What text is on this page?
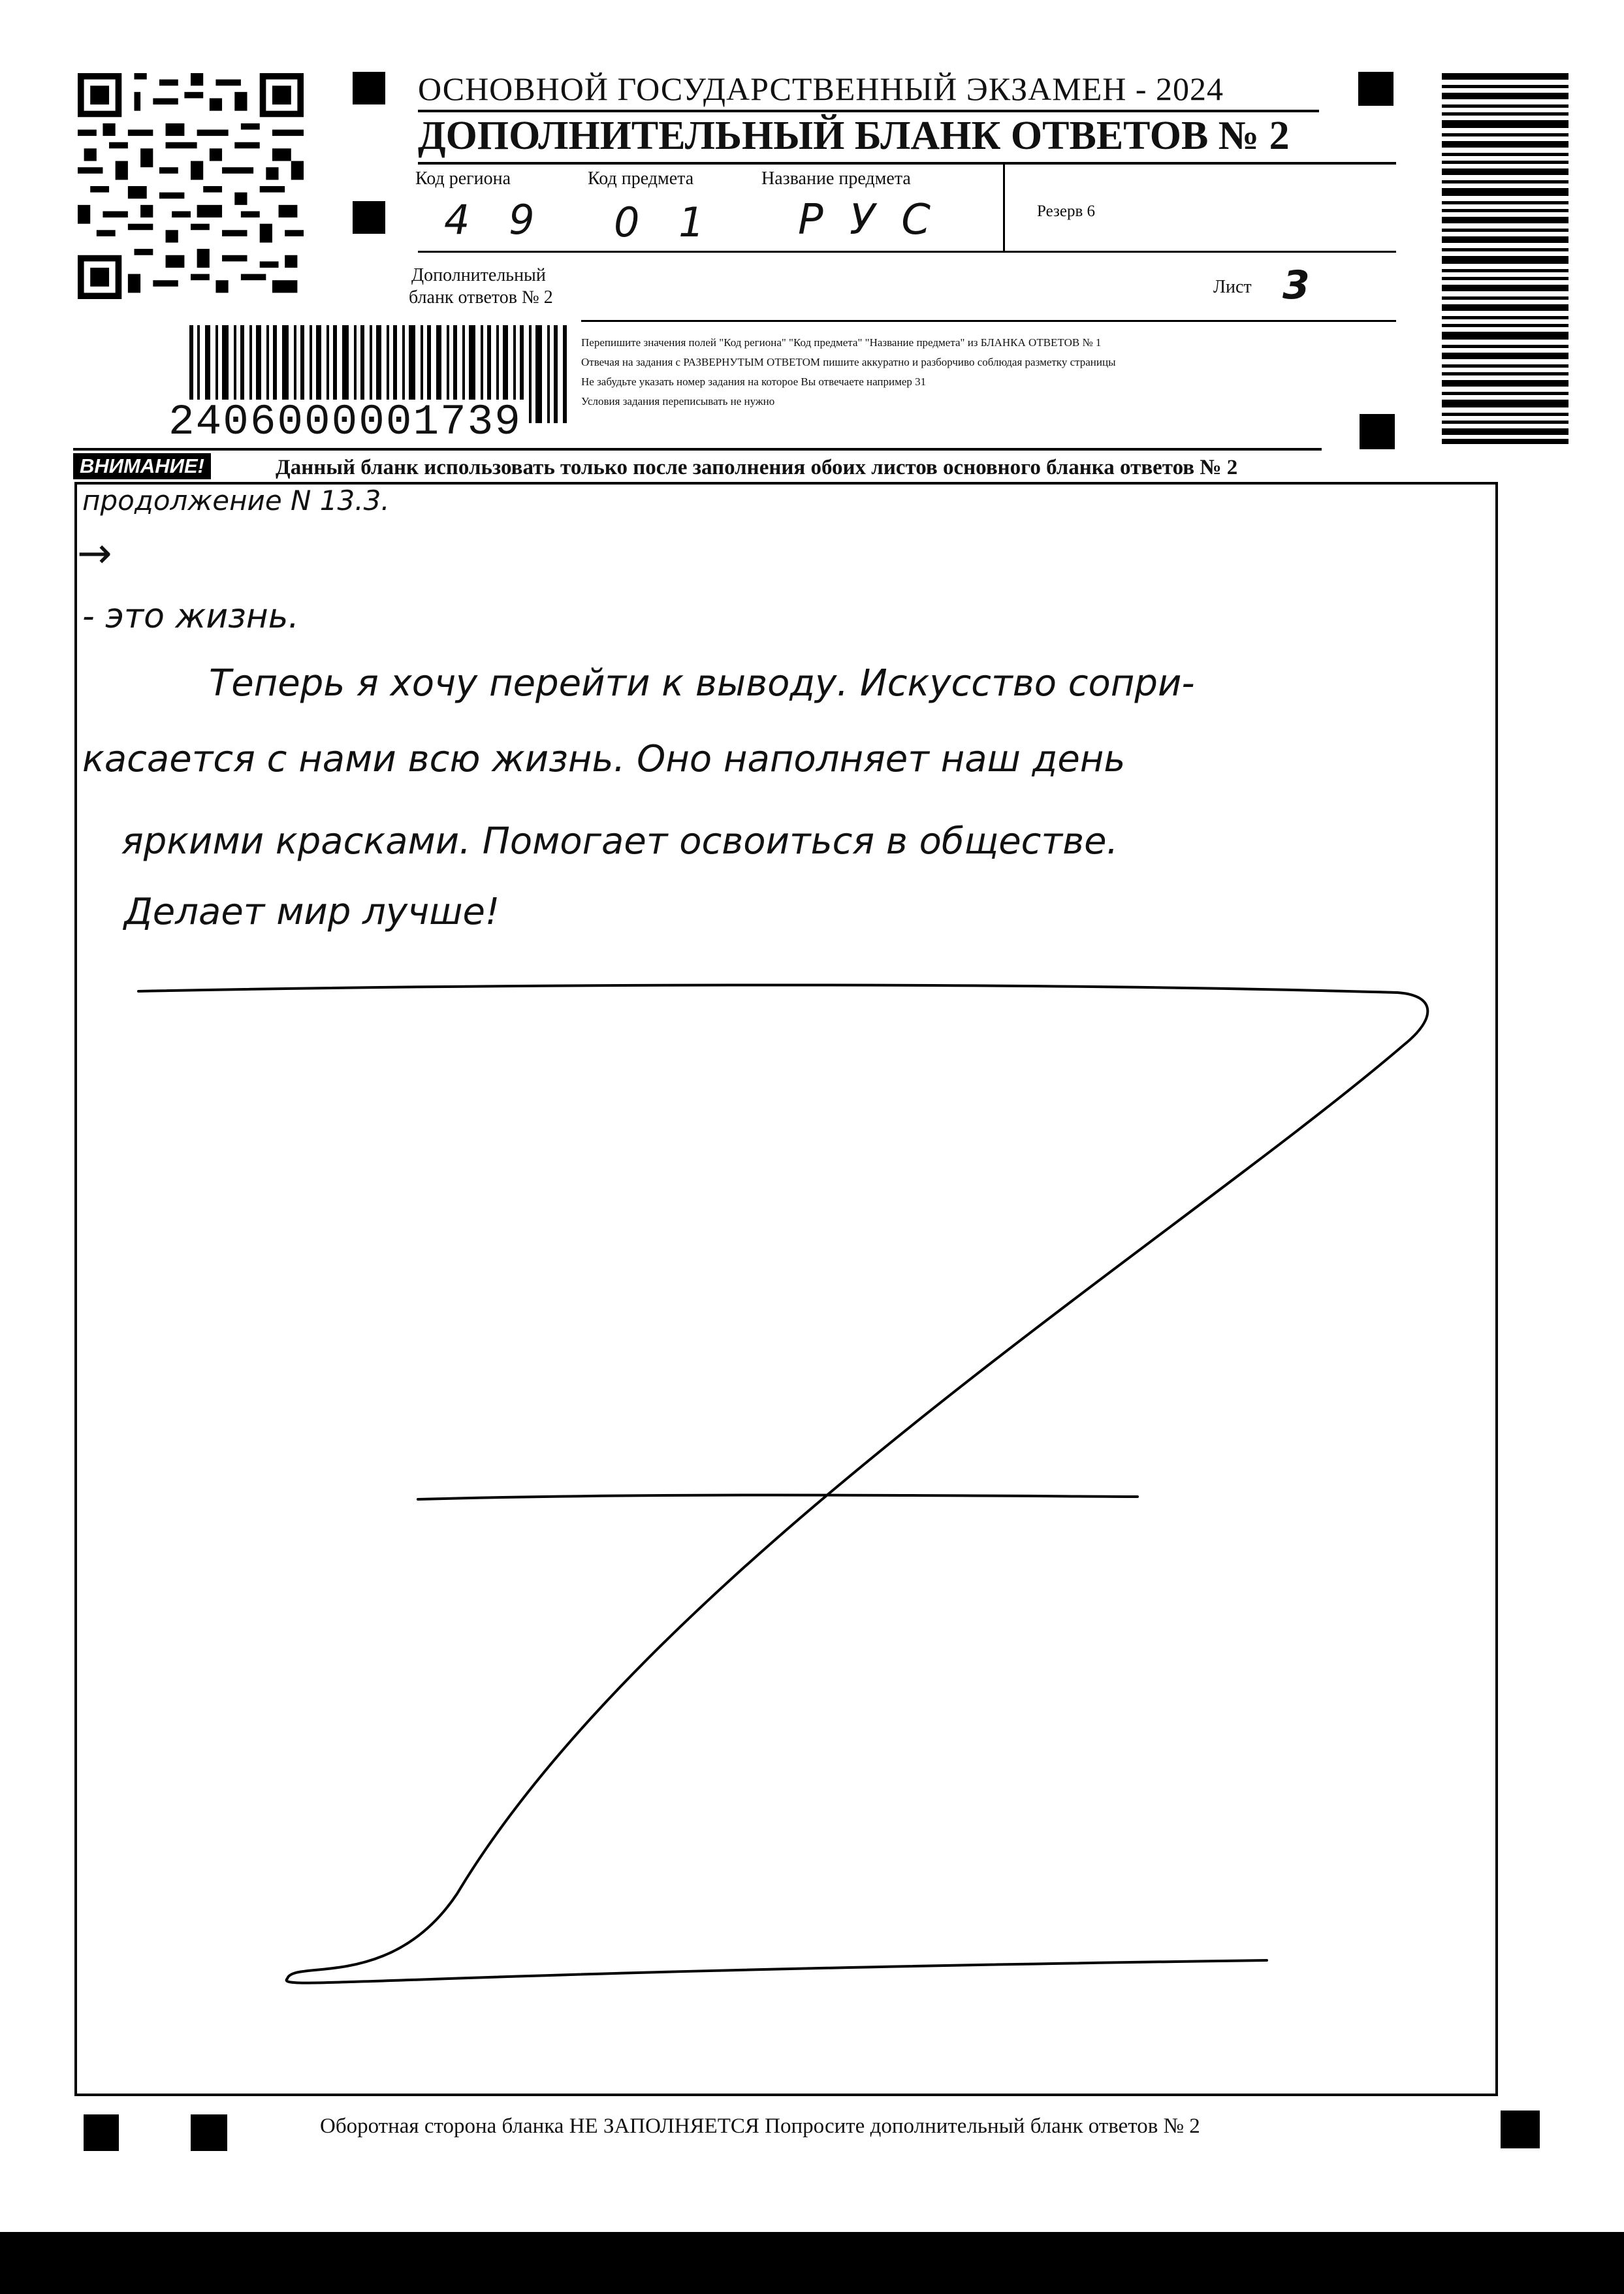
ОСНОВНОЙ ГОСУДАРСТВЕННЫЙ ЭКЗАМЕН - 2024
ДОПОЛНИТЕЛЬНЫЙ БЛАНК ОТВЕТОВ № 2
Код региона	Код предмета	Название предмета
Резерв 6
4 9 0 1 Р У С
Дополнительный
бланк ответов № 2
Лист 3
2406000001739
Перепишите значения полей "Код региона" "Код предмета" "Название предмета" из БЛАНКА ОТВЕТОВ № 1
Отвечая на задания с РАЗВЕРНУТЫМ ОТВЕТОМ пишите аккуратно и разборчиво соблюдая разметку страницы
Не забудьте указать номер задания на которое Вы отвечаете например 31
Условия задания переписывать не нужно
ВНИМАНИЕ!	Данный бланк использовать только после заполнения обоих листов основного бланка ответов № 2
продолжение N 13.3.
→
- это жизнь.
Теперь я хочу перейти к выводу. Искусство сопри-
касается с нами всю жизнь. Оно наполняет наш день
яркими красками. Помогает освоиться в обществе.
Делает мир лучше!
Оборотная сторона бланка НЕ ЗАПОЛНЯЕТСЯ Попросите дополнительный бланк ответов № 2
